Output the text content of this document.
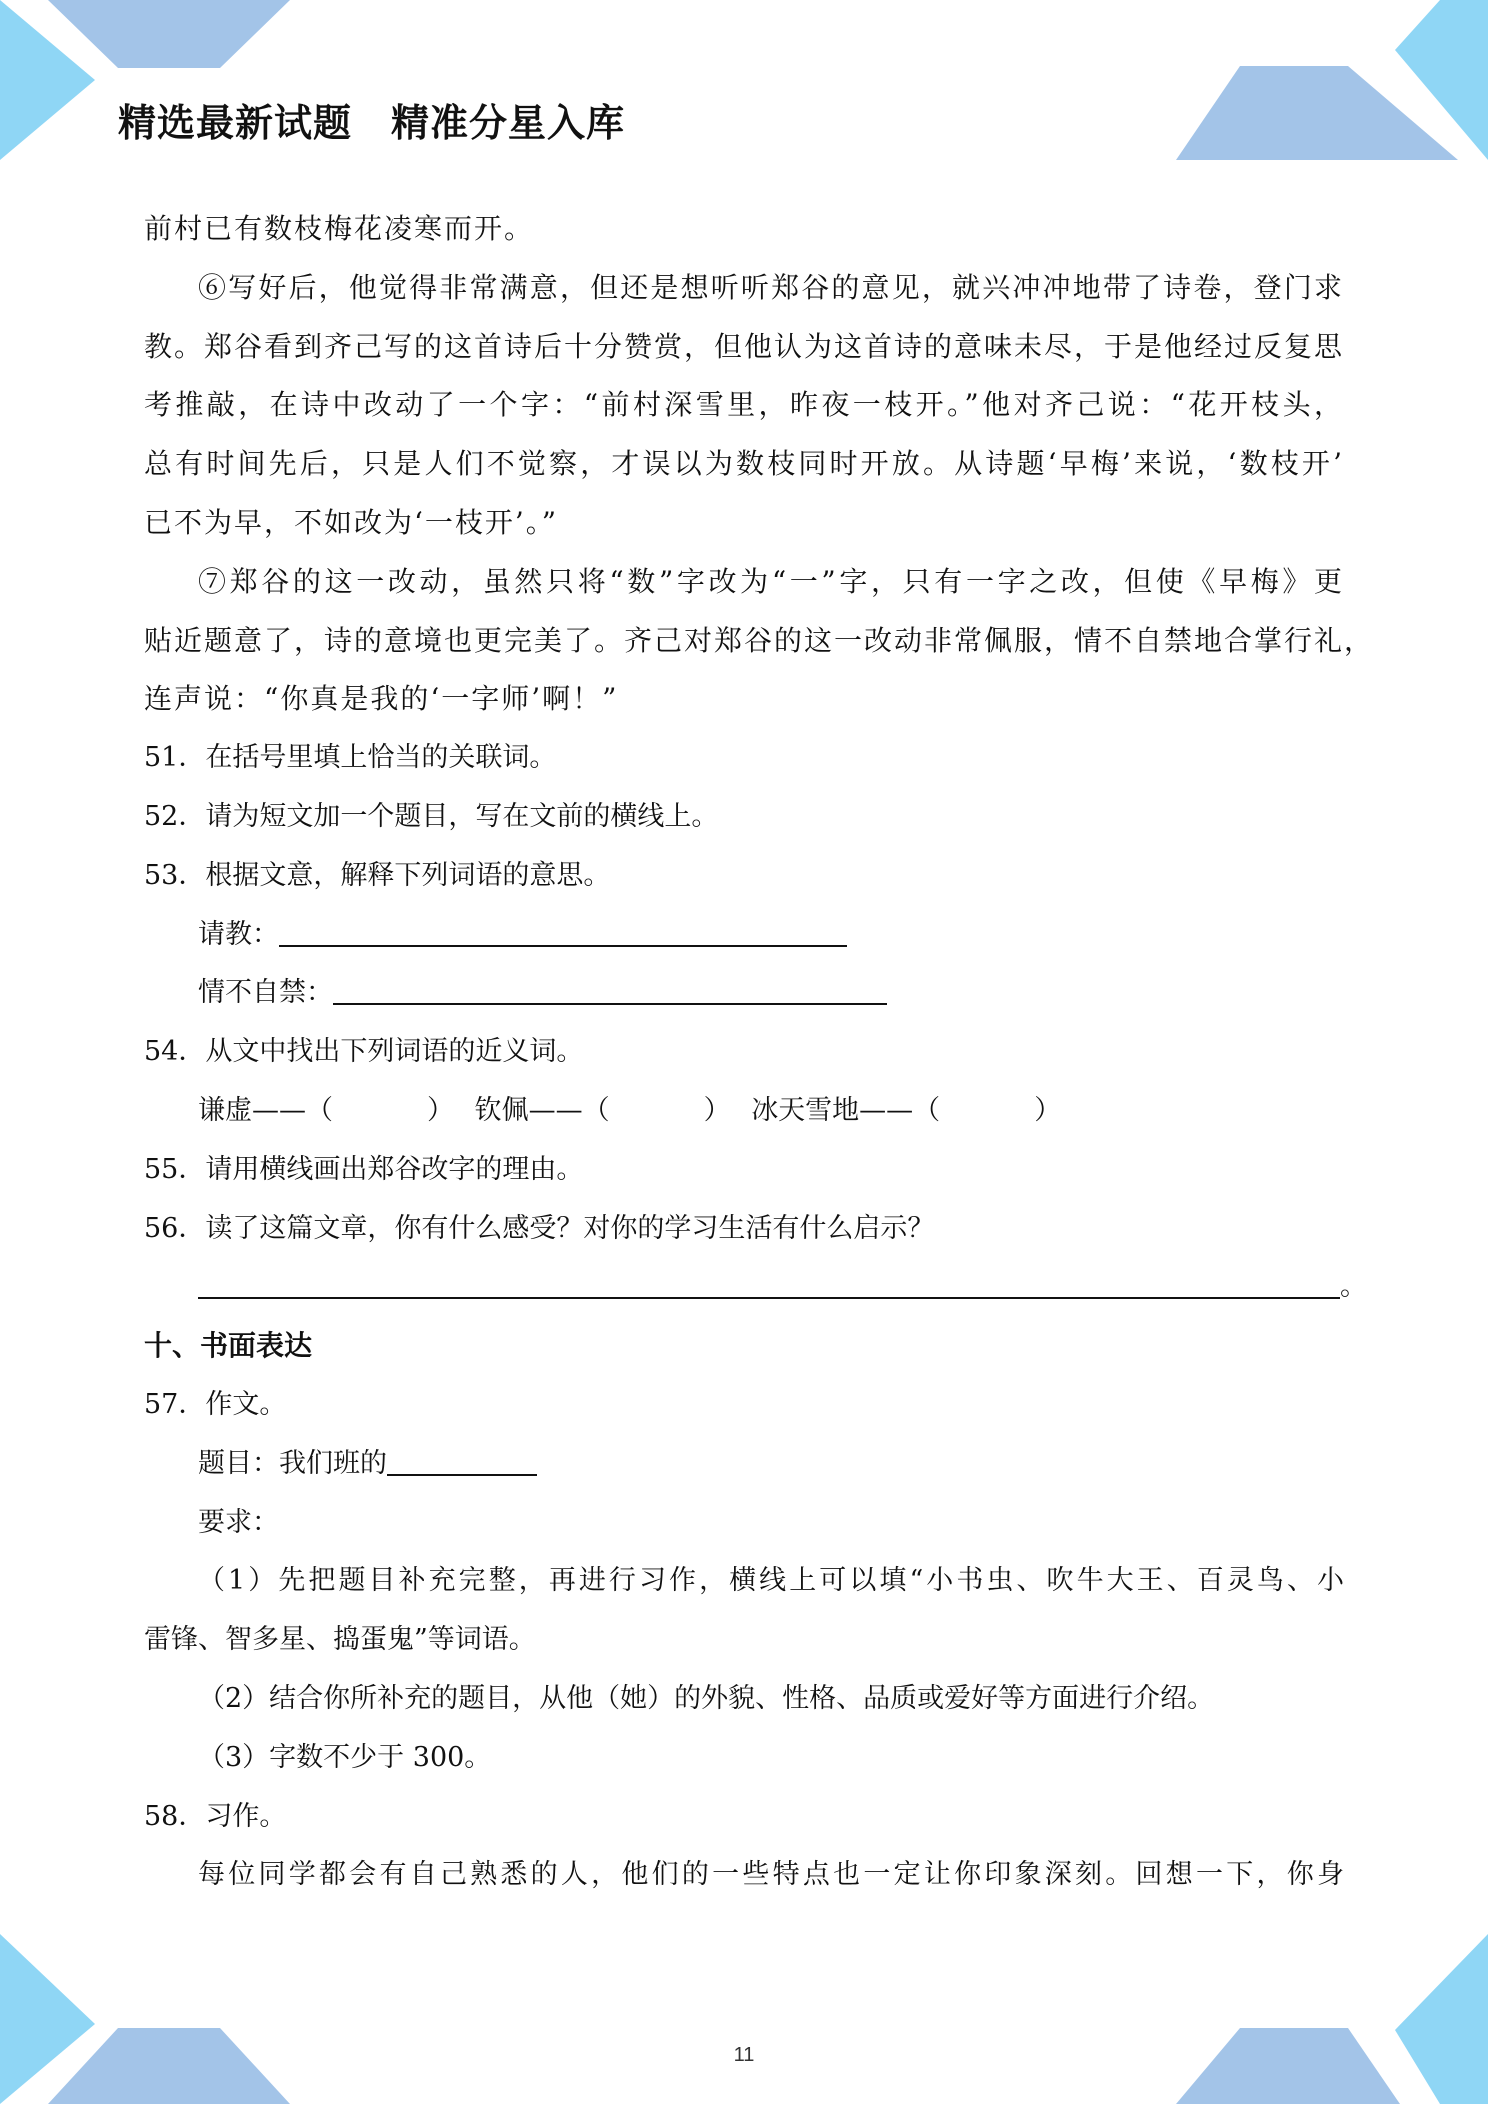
精选最新试题　精准分星入库
前村已有数枝梅花凌寒而开。
⑥写好后，他觉得非常满意，但还是想听听郑谷的意见，就兴冲冲地带了诗卷，登门求
教。郑谷看到齐己写的这首诗后十分赞赏，但他认为这首诗的意味未尽，于是他经过反复思
考推敲，在诗中改动了一个字：“前村深雪里，昨夜一枝开。”他对齐己说：“花开枝头，
总有时间先后，只是人们不觉察，才误以为数枝同时开放。从诗题‘早梅’来说，‘数枝开’
已不为早，不如改为‘一枝开’。”
⑦郑谷的这一改动，虽然只将“数”字改为“一”字，只有一字之改，但使《早梅》更
贴近题意了，诗的意境也更完美了。齐己对郑谷的这一改动非常佩服，情不自禁地合掌行礼，
连声说：“你真是我的‘一字师’啊！”
51．在括号里填上恰当的关联词。
52．请为短文加一个题目，写在文前的横线上。
53．根据文意，解释下列词语的意思。
请教：
情不自禁：
54．从文中找出下列词语的近义词。
谦虚——（	） 钦佩——（	） 冰天雪地——（	）
55．请用横线画出郑谷改字的理由。
56．读了这篇文章，你有什么感受？对你的学习生活有什么启示？
。
十、书面表达
57．作文。
题目：我们班的
要求：
（1）先把题目补充完整，再进行习作，横线上可以填“小书虫、吹牛大王、百灵鸟、小
雷锋、智多星、捣蛋鬼”等词语。
（2）结合你所补充的题目，从他（她）的外貌、性格、品质或爱好等方面进行介绍。
（3）字数不少于 300。
58．习作。
每位同学都会有自己熟悉的人，他们的一些特点也一定让你印象深刻。回想一下，你身
11
